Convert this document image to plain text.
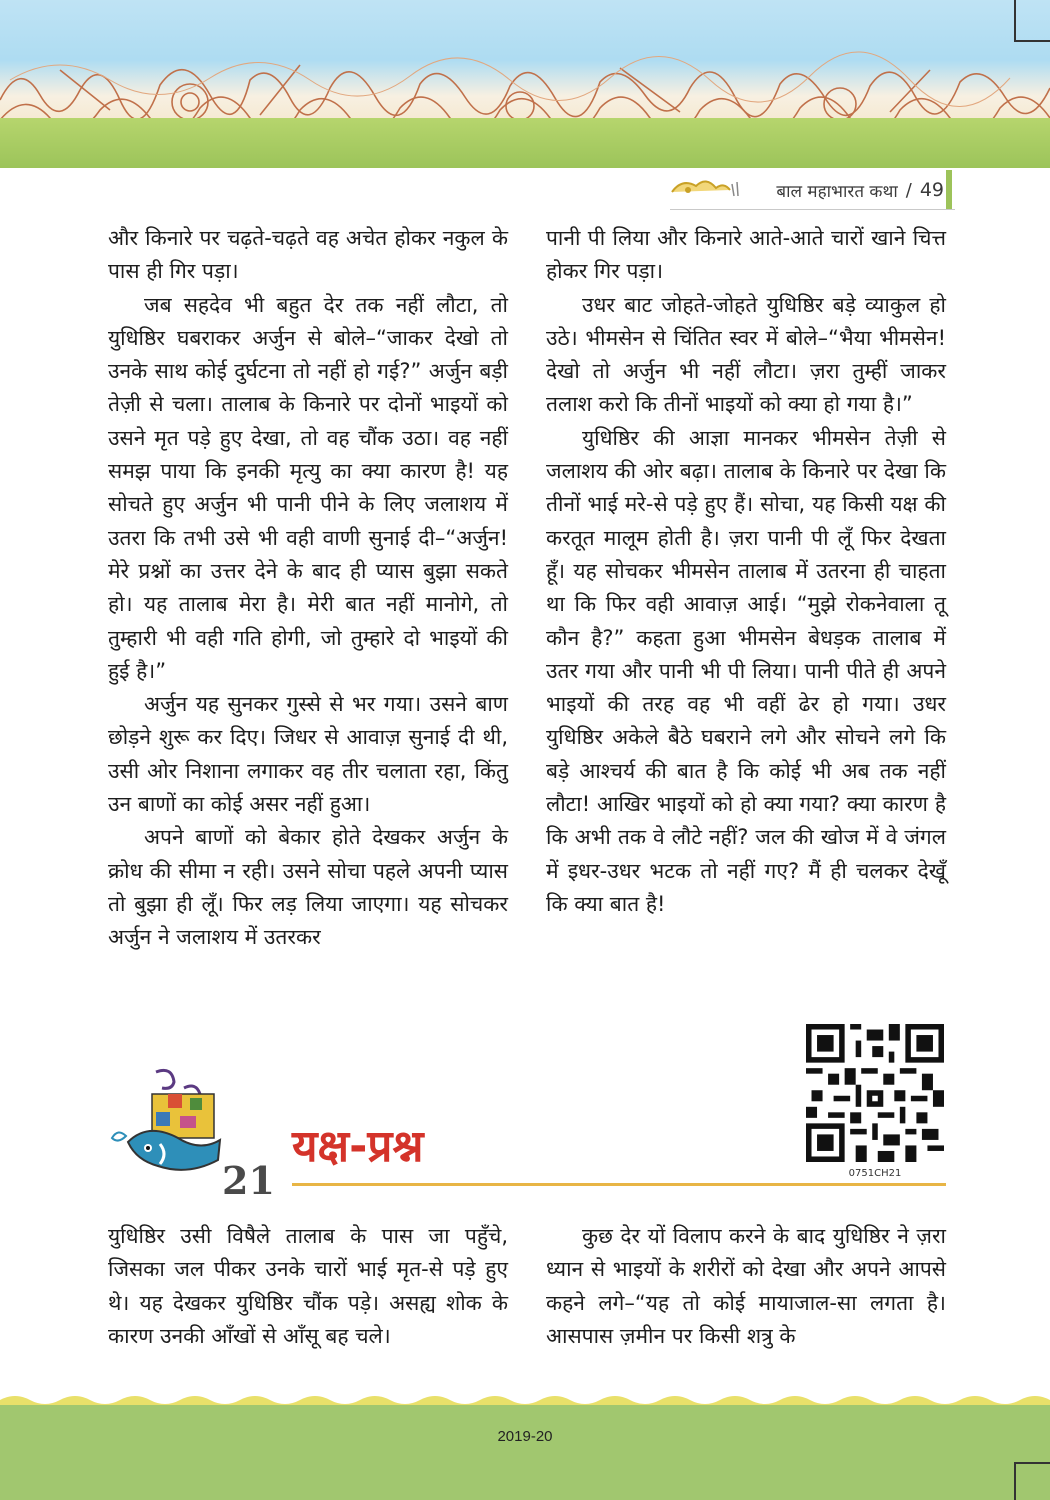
बाल महाभारत कथा / 49

और किनारे पर चढ़ते-चढ़ते वह अचेत होकर नकुल के पास ही गिर पड़ा।

जब सहदेव भी बहुत देर तक नहीं लौटा, तो युधिष्ठिर घबराकर अर्जुन से बोले–“जाकर देखो तो उनके साथ कोई दुर्घटना तो नहीं हो गई?” अर्जुन बड़ी तेज़ी से चला। तालाब के किनारे पर दोनों भाइयों को उसने मृत पड़े हुए देखा, तो वह चौंक उठा। वह नहीं समझ पाया कि इनकी मृत्यु का क्या कारण है! यह सोचते हुए अर्जुन भी पानी पीने के लिए जलाशय में उतरा कि तभी उसे भी वही वाणी सुनाई दी–“अर्जुन! मेरे प्रश्नों का उत्तर देने के बाद ही प्यास बुझा सकते हो। यह तालाब मेरा है। मेरी बात नहीं मानोगे, तो तुम्हारी भी वही गति होगी, जो तुम्हारे दो भाइयों की हुई है।”

अर्जुन यह सुनकर गुस्से से भर गया। उसने बाण छोड़ने शुरू कर दिए। जिधर से आवाज़ सुनाई दी थी, उसी ओर निशाना लगाकर वह तीर चलाता रहा, किंतु उन बाणों का कोई असर नहीं हुआ।

अपने बाणों को बेकार होते देखकर अर्जुन के क्रोध की सीमा न रही। उसने सोचा पहले अपनी प्यास तो बुझा ही लूँ। फिर लड़ लिया जाएगा। यह सोचकर अर्जुन ने जलाशय में उतरकर

पानी पी लिया और किनारे आते-आते चारों खाने चित्त होकर गिर पड़ा।

उधर बाट जोहते-जोहते युधिष्ठिर बड़े व्याकुल हो उठे। भीमसेन से चिंतित स्वर में बोले–“भैया भीमसेन! देखो तो अर्जुन भी नहीं लौटा। ज़रा तुम्हीं जाकर तलाश करो कि तीनों भाइयों को क्या हो गया है।”

युधिष्ठिर की आज्ञा मानकर भीमसेन तेज़ी से जलाशय की ओर बढ़ा। तालाब के किनारे पर देखा कि तीनों भाई मरे-से पड़े हुए हैं। सोचा, यह किसी यक्ष की करतूत मालूम होती है। ज़रा पानी पी लूँ फिर देखता हूँ। यह सोचकर भीमसेन तालाब में उतरना ही चाहता था कि फिर वही आवाज़ आई। “मुझे रोकनेवाला तू कौन है?” कहता हुआ भीमसेन बेधड़क तालाब में उतर गया और पानी भी पी लिया। पानी पीते ही अपने भाइयों की तरह वह भी वहीं ढेर हो गया। उधर युधिष्ठिर अकेले बैठे घबराने लगे और सोचने लगे कि बड़े आश्चर्य की बात है कि कोई भी अब तक नहीं लौटा! आखिर भाइयों को हो क्या गया? क्या कारण है कि अभी तक वे लौटे नहीं? जल की खोज में वे जंगल में इधर-उधर भटक तो नहीं गए? मैं ही चलकर देखूँ कि क्या बात है!

0751CH21
21
यक्ष-प्रश्न

युधिष्ठिर उसी विषैले तालाब के पास जा पहुँचे, जिसका जल पीकर उनके चारों भाई मृत-से पड़े हुए थे। यह देखकर युधिष्ठिर चौंक पड़े। असह्य शोक के कारण उनकी आँखों से आँसू बह चले।

कुछ देर यों विलाप करने के बाद युधिष्ठिर ने ज़रा ध्यान से भाइयों के शरीरों को देखा और अपने आपसे कहने लगे–“यह तो कोई मायाजाल-सा लगता है। आसपास ज़मीन पर किसी शत्रु के

2019-20
